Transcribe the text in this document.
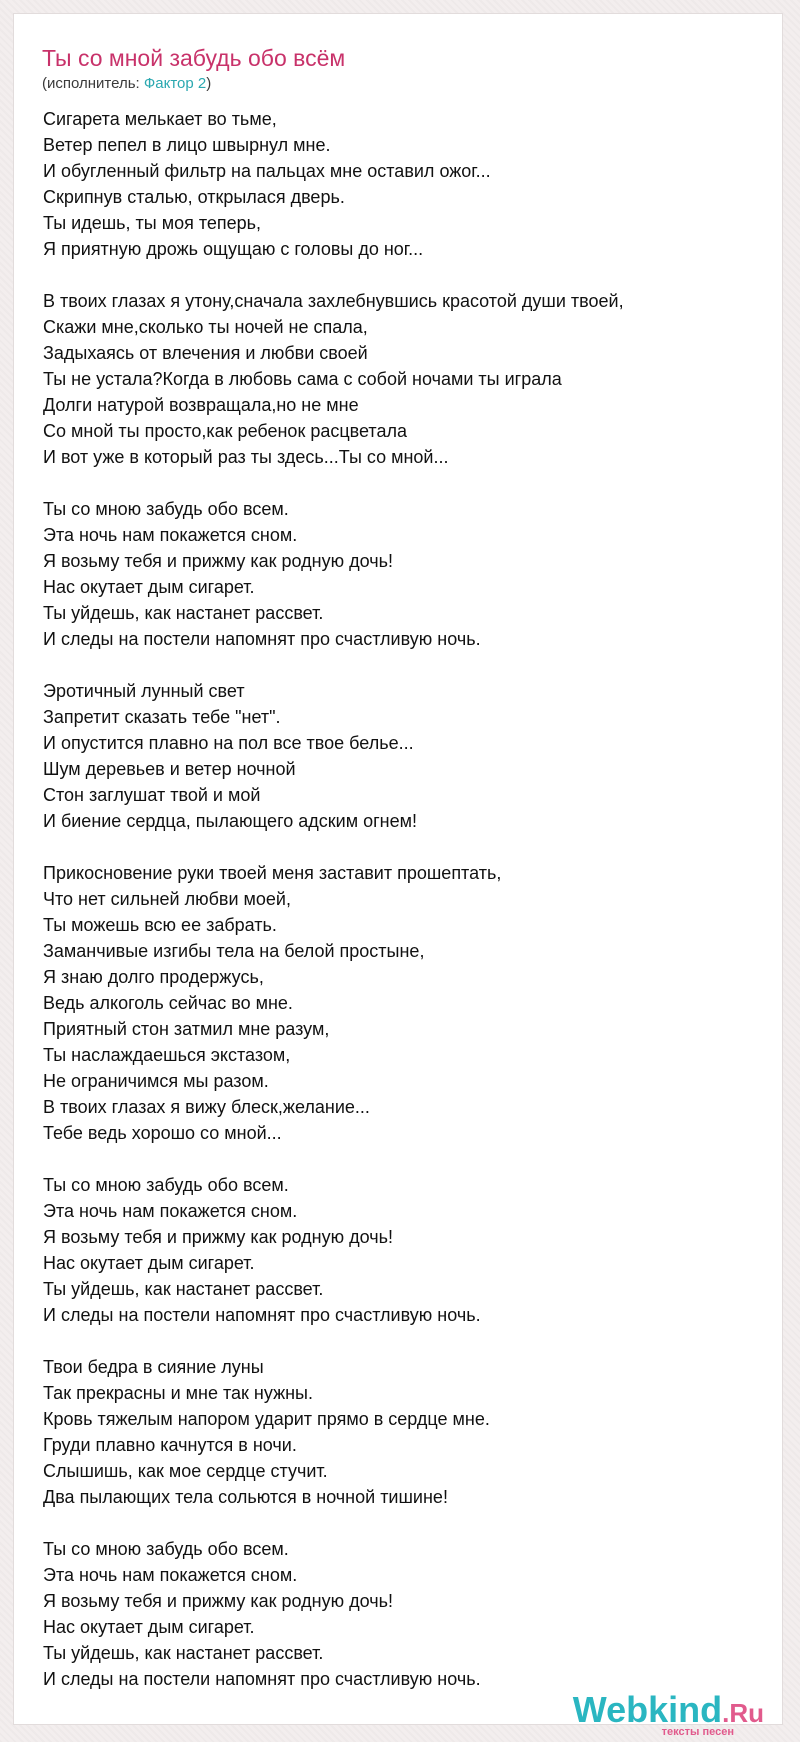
Ты со мной забудь обо всём
(исполнитель: Фактор 2)
Сигарета мелькает во тьме,
Ветер пепел в лицо швырнул мне.
И обугленный фильтр на пальцах мне оставил ожог...
Скрипнув сталью, открылася дверь.
Ты идешь, ты моя теперь,
Я приятную дрожь ощущаю с головы до ног...
В твоих глазах я утону,сначала захлебнувшись красотой души твоей,
Скажи мне,сколько ты ночей не спала,
Задыхаясь от влечения и любви своей
Ты не устала?Когда в любовь сама с собой ночами ты играла
Долги натурой возвращала,но не мне
Со мной ты просто,как ребенок расцветала
И вот уже в который раз ты здесь...Ты со мной...
Ты со мною забудь обо всем.
Эта ночь нам покажется сном.
Я возьму тебя и прижму как родную дочь!
Нас окутает дым сигарет.
Ты уйдешь, как настанет рассвет.
И следы на постели напомнят про счастливую ночь.
Эротичный лунный свет
Запретит сказать тебе "нет".
И опустится плавно на пол все твое белье...
Шум деревьев и ветер ночной
Стон заглушат твой и мой
И биение сердца, пылающего адским огнем!
Прикосновение руки твоей меня заставит прошептать,
Что нет сильней любви моей,
Ты можешь всю ее забрать.
Заманчивые изгибы тела на белой простыне,
Я знаю долго продержусь,
Ведь алкоголь сейчас во мне.
Приятный стон затмил мне разум,
Ты наслаждаешься экстазом,
Не ограничимся мы разом.
В твоих глазах я вижу блеск,желание...
Тебе ведь хорошо со мной...
Ты со мною забудь обо всем.
Эта ночь нам покажется сном.
Я возьму тебя и прижму как родную дочь!
Нас окутает дым сигарет.
Ты уйдешь, как настанет рассвет.
И следы на постели напомнят про счастливую ночь.
Твои бедра в сияние луны
Так прекрасны и мне так нужны.
Кровь тяжелым напором ударит прямо в сердце мне.
Груди плавно качнутся в ночи.
Слышишь, как мое сердце стучит.
Два пылающих тела сольются в ночной тишине!
Ты со мною забудь обо всем.
Эта ночь нам покажется сном.
Я возьму тебя и прижму как родную дочь!
Нас окутает дым сигарет.
Ты уйдешь, как настанет рассвет.
И следы на постели напомнят про счастливую ночь.
Webkind.Ru
тексты песен
